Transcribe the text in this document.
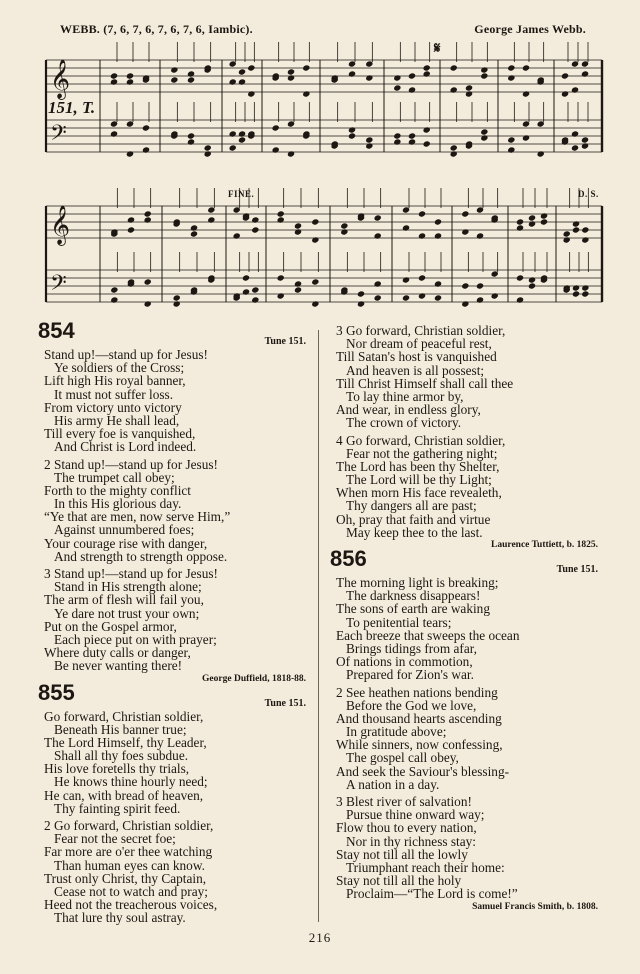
WEBB. (7, 6, 7, 6, 7, 6, 7, 6, Iambic).	George James Webb.
𝄋
𝄞
𝄢
151, T.
FINE.	D. S.
𝄞
𝄢
854	Tune 151.
Stand up!—stand up for Jesus!
Ye soldiers of the Cross;
Lift high His royal banner,
It must not suffer loss.
From victory unto victory
His army He shall lead,
Till every foe is vanquished,
And Christ is Lord indeed.
2 Stand up!—stand up for Jesus!
The trumpet call obey;
Forth to the mighty conflict
In this His glorious day.
“Ye that are men, now serve Him,”
Against unnumbered foes;
Your courage rise with danger,
And strength to strength oppose.
3 Stand up!—stand up for Jesus!
Stand in His strength alone;
The arm of flesh will fail you,
Ye dare not trust your own;
Put on the Gospel armor,
Each piece put on with prayer;
Where duty calls or danger,
Be never wanting there!
George Duffield, 1818-88.
855	Tune 151.
Go forward, Christian soldier,
Beneath His banner true;
The Lord Himself, thy Leader,
Shall all thy foes subdue.
His love foretells thy trials,
He knows thine hourly need;
He can, with bread of heaven,
Thy fainting spirit feed.
2 Go forward, Christian soldier,
Fear not the secret foe;
Far more are o'er thee watching
Than human eyes can know.
Trust only Christ, thy Captain,
Cease not to watch and pray;
Heed not the treacherous voices,
That lure thy soul astray.
3 Go forward, Christian soldier,
Nor dream of peaceful rest,
Till Satan's host is vanquished
And heaven is all possest;
Till Christ Himself shall call thee
To lay thine armor by,
And wear, in endless glory,
The crown of victory.
4 Go forward, Christian soldier,
Fear not the gathering night;
The Lord has been thy Shelter,
The Lord will be thy Light;
When morn His face revealeth,
Thy dangers all are past;
Oh, pray that faith and virtue
May keep thee to the last.
Laurence Tuttiett, b. 1825.
856	Tune 151.
The morning light is breaking;
The darkness disappears!
The sons of earth are waking
To penitential tears;
Each breeze that sweeps the ocean
Brings tidings from afar,
Of nations in commotion,
Prepared for Zion's war.
2 See heathen nations bending
Before the God we love,
And thousand hearts ascending
In gratitude above;
While sinners, now confessing,
The gospel call obey,
And seek the Saviour's blessing-
A nation in a day.
3 Blest river of salvation!
Pursue thine onward way;
Flow thou to every nation,
Nor in thy richness stay:
Stay not till all the lowly
Triumphant reach their home:
Stay not till all the holy
Proclaim—“The Lord is come!”
Samuel Francis Smith, b. 1808.
216
